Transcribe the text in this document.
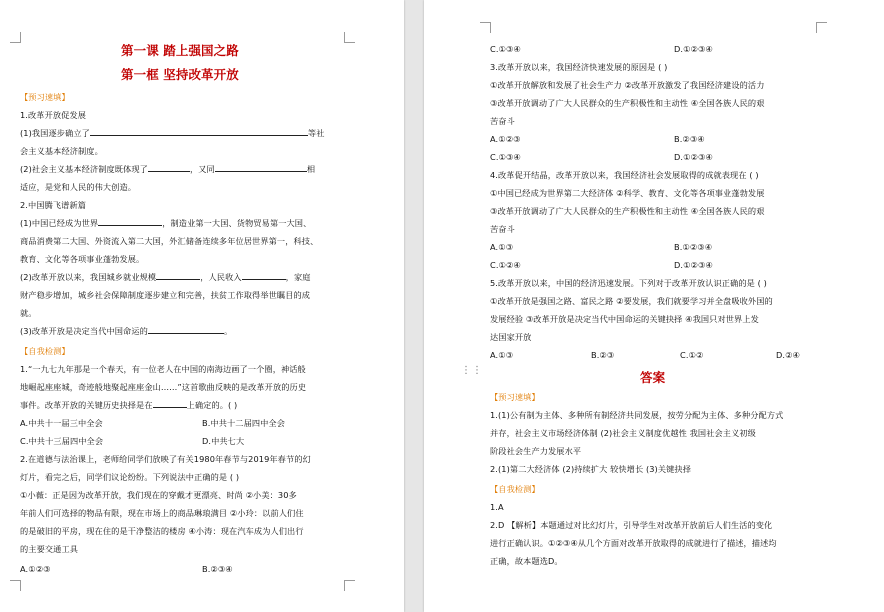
第一课 踏上强国之路
第一框 坚持改革开放
【预习速填】
1.改革开放促发展
(1)我国逐步确立了	等社
会主义基本经济制度。
(2)社会主义基本经济制度既体现了	，又同	相
适应，是党和人民的伟大创造。
2.中国腾飞谱新篇
(1)中国已经成为世界	，制造业第一大国、货物贸易第一大国、
商品消费第二大国、外资流入第二大国，外汇储备连续多年位居世界第一，科技、
教育、文化等各项事业蓬勃发展。
(2)改革开放以来，我国城乡就业规模	，人民收入	，家庭
财产稳步增加，城乡社会保障制度逐步建立和完善，扶贫工作取得举世瞩目的成
就。
(3)改革开放是决定当代中国命运的	。
【自我检测】
1.“一九七九年那是一个春天，有一位老人在中国的南海边画了一个圈，神话般
地崛起座座城，奇迹般地聚起座座金山……”这首歌曲反映的是改革开放的历史
事件。改革开放的关键历史抉择是在	上确定的。( )
A.中共十一届三中全会	B.中共十二届四中全会
C.中共十三届四中全会	D.中共七大
2.在道德与法治课上，老师给同学们放映了有关1980年春节与2019年春节的幻
灯片，看完之后，同学们议论纷纷。下列说法中正确的是 ( )
①小薇：正是因为改革开放，我们现在的穿戴才更漂亮、时尚 ②小美：30多
年前人们可选择的物品有限，现在市场上的商品琳琅满目 ②小玲：以前人们住
的是破旧的平房，现在住的是干净整洁的楼房 ④小涛：现在汽车成为人们出行
的主要交通工具
A.①②③	B.②③④
C.①③④	D.①②③④
3.改革开放以来，我国经济快速发展的原因是 ( )
①改革开放解放和发展了社会生产力 ②改革开放激发了我国经济建设的活力
③改革开放调动了广大人民群众的生产积极性和主动性 ④全国各族人民的艰
苦奋斗
A.①②③	B.②③④
C.①③④	D.①②③④
4.改革促开结晶，改革开放以来，我国经济社会发展取得的成就表现在 ( )
①中国已经成为世界第二大经济体 ②科学、教育、文化等各项事业蓬勃发展
③改革开放调动了广大人民群众的生产积极性和主动性 ④全国各族人民的艰
苦奋斗
A.①③	B.①②③④
C.①②④	D.①②③④
5.改革开放以来，中国的经济迅速发展。下列对于改革开放认识正确的是 ( )
①改革开放是强国之路、富民之路 ②要发展，我们就要学习并全盘吸收外国的
发展经验 ③改革开放是决定当代中国命运的关键抉择 ④我国只对世界上发
达国家开放
A.①③	B.②③	C.①②	D.②④
答案
【预习速填】
1.(1)公有制为主体、多种所有制经济共同发展，按劳分配为主体、多种分配方式
并存，社会主义市场经济体制 (2)社会主义制度优越性 我国社会主义初级
阶段社会生产力发展水平
2.(1)第二大经济体 (2)持续扩大 较快增长 (3)关键抉择
【自我检测】
1.A
2.D 【解析】本题通过对比幻灯片，引导学生对改革开放前后人们生活的变化
进行正确认识。①②③④从几个方面对改革开放取得的成就进行了描述，描述均
正确，故本题选D。
⋮⋮
